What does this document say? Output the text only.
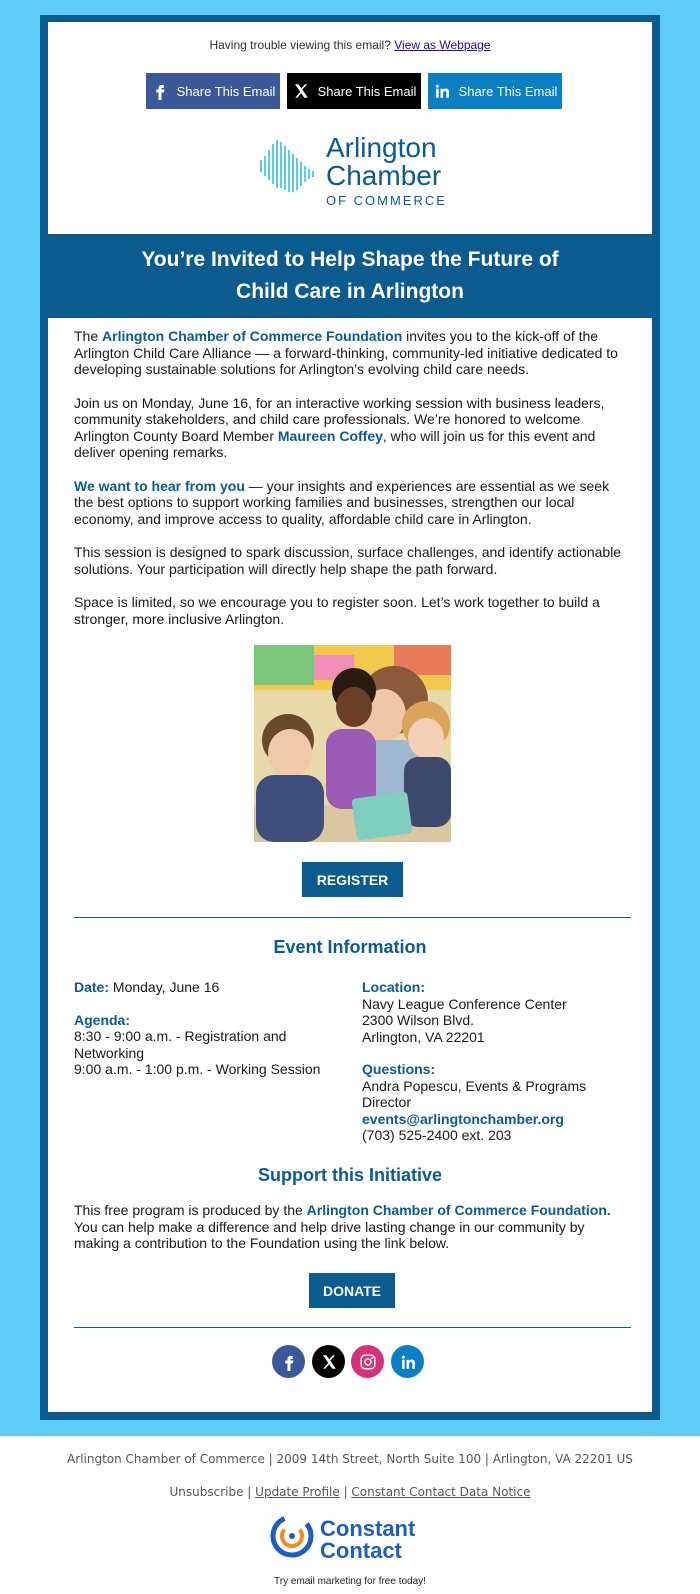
Having trouble viewing this email? View as Webpage
Share This Email	Share This Email	Share This Email
Arlington
Chamber
OF COMMERCE
You’re Invited to Help Shape the Future of
Child Care in Arlington

The Arlington Chamber of Commerce Foundation invites you to the kick-off of the Arlington Child Care Alliance — a forward-thinking, community-led initiative dedicated to developing sustainable solutions for Arlington’s evolving child care needs.

Join us on Monday, June 16, for an interactive working session with business leaders, community stakeholders, and child care professionals. We’re honored to welcome Arlington County Board Member Maureen Coffey, who will join us for this event and deliver opening remarks.

We want to hear from you — your insights and experiences are essential as we seek the best options to support working families and businesses, strengthen our local economy, and improve access to quality, affordable child care in Arlington.

This session is designed to spark discussion, surface challenges, and identify actionable solutions. Your participation will directly help shape the path forward.

Space is limited, so we encourage you to register soon. Let’s work together to build a stronger, more inclusive Arlington.

REGISTER
Event Information
Date: Monday, June 16
Agenda:
8:30 - 9:00 a.m. - Registration and Networking
9:00 a.m. - 1:00 p.m. - Working Session
Location:
Navy League Conference Center
2300 Wilson Blvd.
Arlington, VA 22201
Questions:
Andra Popescu, Events & Programs Director
events@arlingtonchamber.org
(703) 525-2400 ext. 203
Support this Initiative
This free program is produced by the Arlington Chamber of Commerce Foundation. You can help make a difference and help drive lasting change in our community by making a contribution to the Foundation using the link below.
DONATE
Arlington Chamber of Commerce | 2009 14th Street, North Suite 100 | Arlington, VA 22201 US
Unsubscribe | Update Profile | Constant Contact Data Notice
Constant
Contact
Try email marketing for free today!
